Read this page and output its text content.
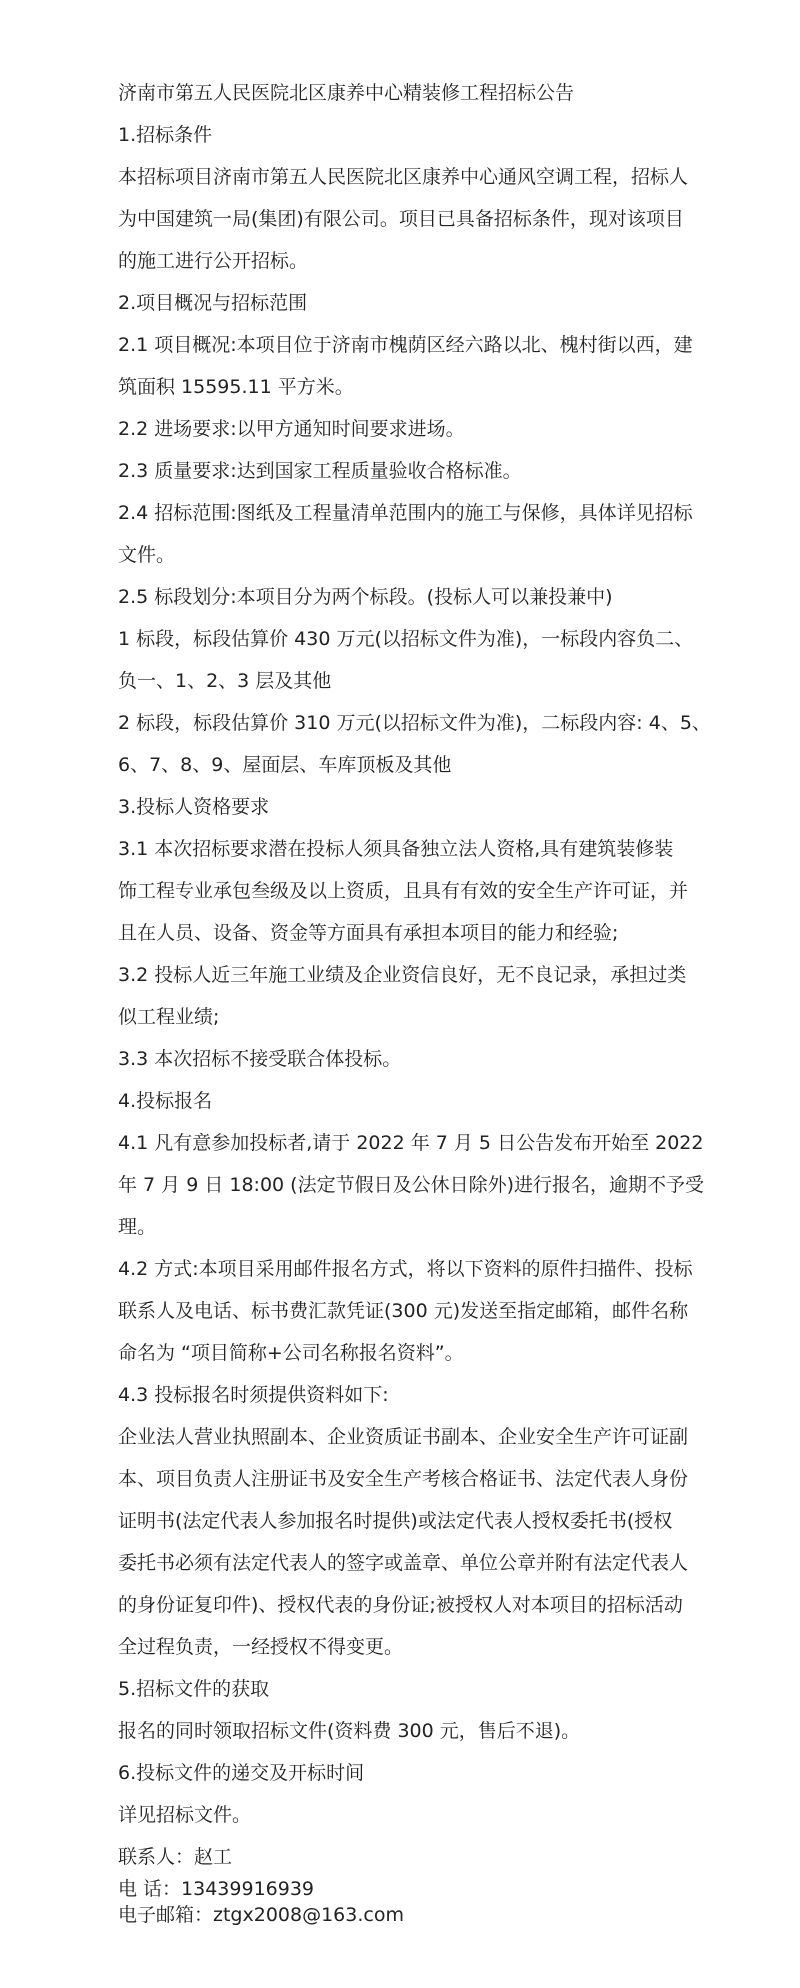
济南市第五人民医院北区康养中心精装修工程招标公告
1.招标条件
本招标项目济南市第五人民医院北区康养中心通风空调工程，招标人
为中国建筑一局(集团)有限公司。项目已具备招标条件，现对该项目
的施工进行公开招标。
2.项目概况与招标范围
2.1 项目概况:本项目位于济南市槐荫区经六路以北、槐村街以西，建
筑面积 15595.11 平方米。
2.2 进场要求:以甲方通知时间要求进场。
2.3 质量要求:达到国家工程质量验收合格标准。
2.4 招标范围:图纸及工程量清单范围内的施工与保修，具体详见招标
文件。
2.5 标段划分:本项目分为两个标段。(投标人可以兼投兼中)
1 标段，标段估算价 430 万元(以招标文件为准)，一标段内容负二、
负一、1、2、3 层及其他
2 标段，标段估算价 310 万元(以招标文件为准)，二标段内容: 4、5、
6、7、8、9、屋面层、车库顶板及其他
3.投标人资格要求
3.1 本次招标要求潜在投标人须具备独立法人资格,具有建筑装修装
饰工程专业承包叁级及以上资质，且具有有效的安全生产许可证，并
且在人员、设备、资金等方面具有承担本项目的能力和经验;
3.2 投标人近三年施工业绩及企业资信良好，无不良记录，承担过类
似工程业绩;
3.3 本次招标不接受联合体投标。
4.投标报名
4.1 凡有意参加投标者,请于 2022 年 7 月 5 日公告发布开始至 2022
年 7 月 9 日 18:00 (法定节假日及公休日除外)进行报名，逾期不予受
理。
4.2 方式:本项目采用邮件报名方式，将以下资料的原件扫描件、投标
联系人及电话、标书费汇款凭证(300 元)发送至指定邮箱，邮件名称
命名为 “项目简称+公司名称报名资料”。
4.3 投标报名时须提供资料如下:
企业法人营业执照副本、企业资质证书副本、企业安全生产许可证副
本、项目负责人注册证书及安全生产考核合格证书、法定代表人身份
证明书(法定代表人参加报名时提供)或法定代表人授权委托书(授权
委托书必须有法定代表人的签字或盖章、单位公章并附有法定代表人
的身份证复印件)、授权代表的身份证;被授权人对本项目的招标活动
全过程负责，一经授权不得变更。
5.招标文件的获取
报名的同时领取招标文件(资料费 300 元，售后不退)。
6.投标文件的递交及开标时间
详见招标文件。
联系人：赵工
电 话：13439916939
电子邮箱：ztgx2008@163.com
